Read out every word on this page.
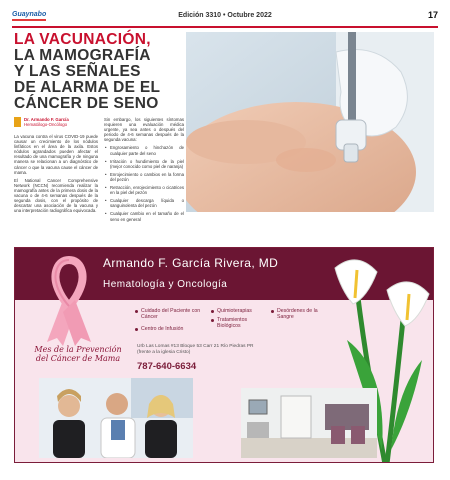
Guaynabo	Edición 3310 • Octubre 2022	17
LA VACUNACIÓN,
LA MAMOGRAFÍA
Y LAS SEÑALES
DE ALARMA DE EL
CÁNCER DE SENO
Dr. Armando F. García
Hematólogo-Oncólogo

La vacuna contra el virus COVID-19 puede causar un crecimiento de los nódulos linfáticos en el área de la axila. Estos nódulos agrandados pueden afectar el resultado de una mamografía y de ninguna manera se relacionan a un diagnóstico de cáncer o que la vacuna cause el cáncer de mama.

El National Cancer Comprehensive Network (NCCN) recomienda realizar la mamografía antes de la primera dosis de la vacuna o de 4-6 semanas después de la segunda dosis, con el propósito de descartar una asociación de la vacuna y una interpretación radiográfica equivocada.

Sin embargo, los siguientes síntomas requieren una evaluación médica urgente, ya sea antes o después del periodo de 4-6 semanas después de la segunda vacuna:

• Engrosamiento o hinchazón de cualquier parte del seno
• Irritación o hundimiento de la piel (mejor conocido como piel de naranja)
• Enrojecimiento o cambios en la forma del pezón
• Retracción, enrojecimiento o cicatrices en la piel del pezón
• Cualquier descarga líquida o sanguinolenta del pezón
• Cualquier cambio en el tamaño de el seno en general
Armando F. García Rivera, MD
Hematología y Oncología
Mes de la Prevención
del Cáncer de Mama
Cuidado del Paciente con Cáncer
Quimioterapias	Desórdenes de la Sangre
Tratamientos Biológicos
Centro de Infusión
Urb Las Lomas #13 Bloque 53 Carr 21 Río Piedras PR
(frente a la iglesia Cristo)
787-640-6634
